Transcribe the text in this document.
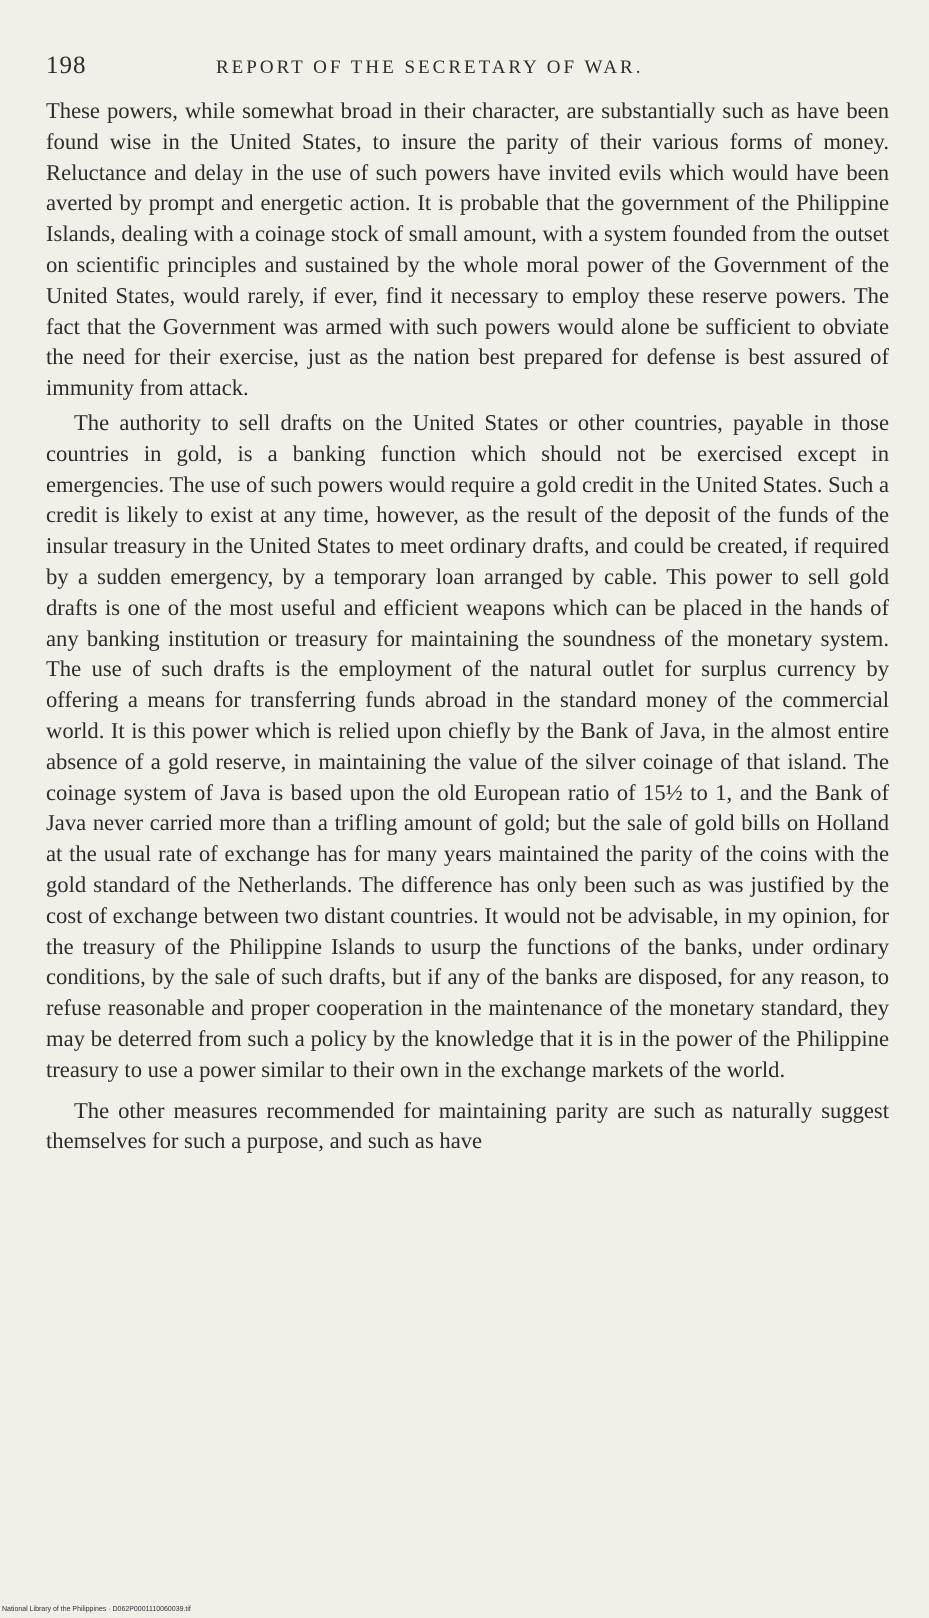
198	REPORT OF THE SECRETARY OF WAR.

These powers, while somewhat broad in their character, are substantially such as have been found wise in the United States, to insure the parity of their various forms of money. Reluctance and delay in the use of such powers have invited evils which would have been averted by prompt and energetic action. It is probable that the government of the Philippine Islands, dealing with a coinage stock of small amount, with a system founded from the outset on scientific principles and sustained by the whole moral power of the Government of the United States, would rarely, if ever, find it necessary to employ these reserve powers. The fact that the Government was armed with such powers would alone be sufficient to obviate the need for their exercise, just as the nation best prepared for defense is best assured of immunity from attack.

The authority to sell drafts on the United States or other countries, payable in those countries in gold, is a banking function which should not be exercised except in emergencies. The use of such powers would require a gold credit in the United States. Such a credit is likely to exist at any time, however, as the result of the deposit of the funds of the insular treasury in the United States to meet ordinary drafts, and could be created, if required by a sudden emergency, by a temporary loan arranged by cable. This power to sell gold drafts is one of the most useful and efficient weapons which can be placed in the hands of any banking institution or treasury for maintaining the soundness of the monetary system. The use of such drafts is the employment of the natural outlet for surplus currency by offering a means for transferring funds abroad in the standard money of the commercial world. It is this power which is relied upon chiefly by the Bank of Java, in the almost entire absence of a gold reserve, in maintaining the value of the silver coinage of that island. The coinage system of Java is based upon the old European ratio of 15½ to 1, and the Bank of Java never carried more than a trifling amount of gold; but the sale of gold bills on Holland at the usual rate of exchange has for many years maintained the parity of the coins with the gold standard of the Netherlands. The difference has only been such as was justified by the cost of exchange between two distant countries. It would not be advisable, in my opinion, for the treasury of the Philippine Islands to usurp the functions of the banks, under ordinary conditions, by the sale of such drafts, but if any of the banks are disposed, for any reason, to refuse reasonable and proper cooperation in the maintenance of the monetary standard, they may be deterred from such a policy by the knowledge that it is in the power of the Philippine treasury to use a power similar to their own in the exchange markets of the world.

The other measures recommended for maintaining parity are such as naturally suggest themselves for such a purpose, and such as have

National Library of the Philippines · D062P0001110060039.tif
